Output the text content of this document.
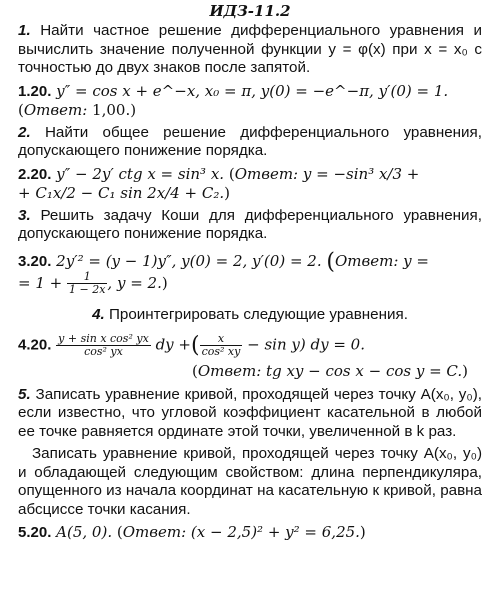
ИДЗ-11.2

1. Найти частное решение дифференциального уравнения и вычислить значение полученной функции y = φ(x) при x = x₀ с точностью до двух знаков после запятой.

1.20. y″ = cos x + e^−x, x₀ = π, y(0) = −e^−π, y′(0) = 1.
(Ответ: 1,00.)

2. Найти общее решение дифференциального уравнения, допускающего понижение порядка.

2.20. y″ − 2y′ ctg x = sin³ x. (Ответ: y = −sin³ x/3 +
+ C₁x/2 − C₁ sin 2x/4 + C₂.)

3. Решить задачу Коши для дифференциального уравнения, допускающего понижение порядка.

3.20. 2y′² = (y − 1)y″, y(0) = 2, y′(0) = 2. (Ответ: y =
= $1 + \frac{1}{1 - 2x}$ , y = 2.)

4. Проинтегрировать следующие уравнения.

4.20. $\frac{\text{y + sin x cos² yx}}{\text{cos² yx}}$ dy +( $\frac{x}{\text{cos² xy}} - \sin y$) dy = 0.
(Ответ: tg xy − cos x − cos y = C.)

5. Записать уравнение кривой, проходящей через точку A(x₀, y₀), если известно, что угловой коэффициент касательной в любой ее точке равняется ординате этой точки, увеличенной в k раз.

Записать уравнение кривой, проходящей через точку A(x₀, y₀) и обладающей следующим свойством: длина перпендикуляра, опущенного из начала координат на касательную к кривой, равна абсциссе точки касания.

5.20. A(5, 0). (Ответ: (x − 2,5)² + y² = 6,25.)
